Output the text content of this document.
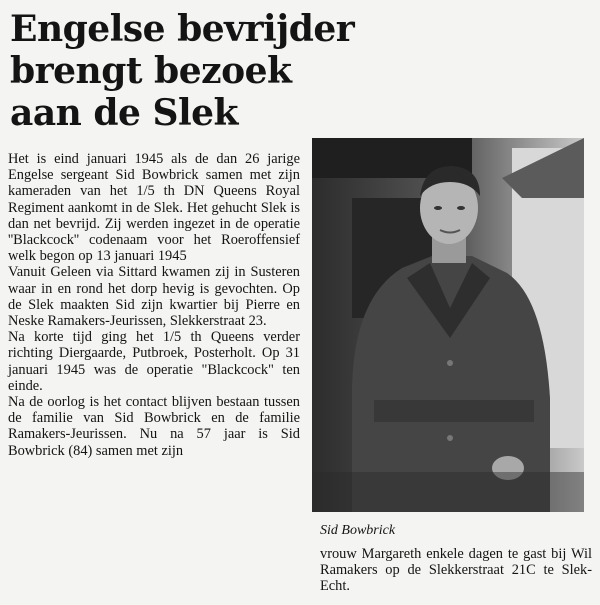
Engelse bevrijder
brengt bezoek
aan de Slek

Het is eind januari 1945 als de dan 26 jarige Engelse sergeant Sid Bowbrick samen met zijn kameraden van het 1/5 th DN Queens Royal Regiment aankomt in de Slek. Het gehucht Slek is dan net bevrijd. Zij werden ingezet in de operatie ''Blackcock'' codenaam voor het Roeroffensief welk begon op 13 januari 1945

Vanuit Geleen via Sittard kwamen zij in Susteren waar in en rond het dorp hevig is gevochten. Op de Slek maakten Sid zijn kwartier bij Pierre en Neske Ramakers-Jeurissen, Slekkerstraat 23.

Na korte tijd ging het 1/5 th Queens verder richting Diergaarde, Putbroek, Posterholt. Op 31 januari 1945 was de operatie "Blackcock" ten einde.

Na de oorlog is het contact blijven bestaan tussen de familie van Sid Bowbrick en de familie Ramakers-Jeurissen. Nu na 57 jaar is Sid Bowbrick (84) samen met zijn

Sid Bowbrick

vrouw Margareth enkele dagen te gast bij Wil Ramakers op de Slekkerstraat 21C te Slek-Echt.
